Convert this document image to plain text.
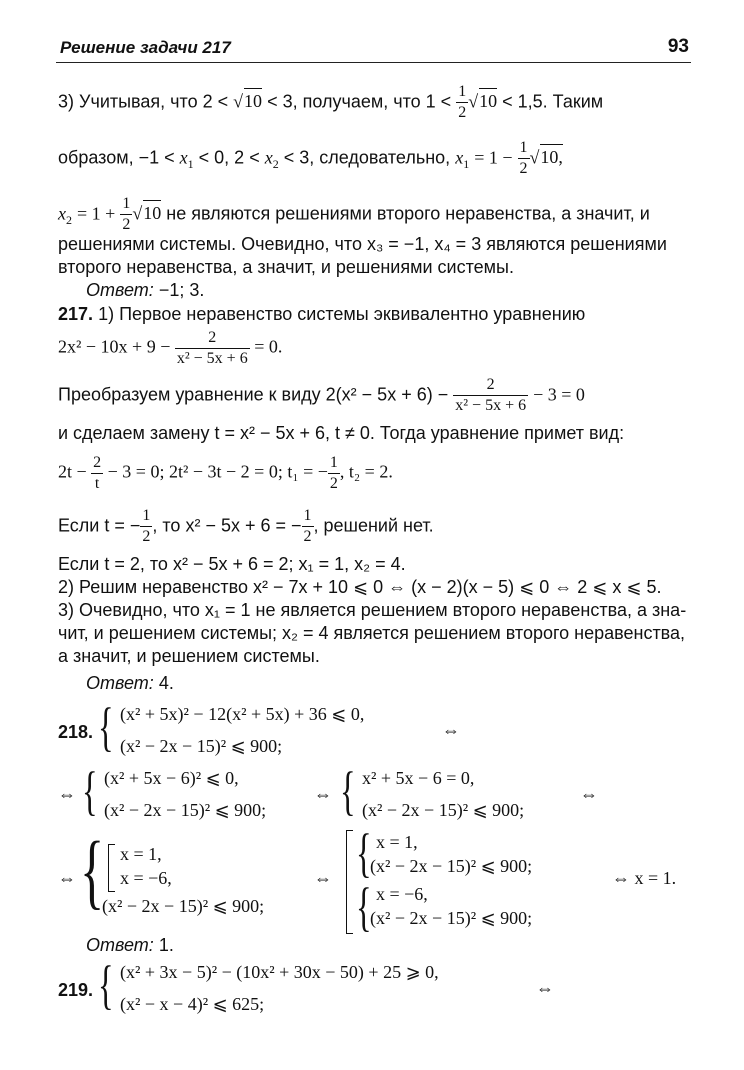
Решение задачи 217	93
3) Учитывая, что 2 < √10 < 3, получаем, что $1 < \frac{1}{2} √10 < 1,5$. Таким
образом, $-1 < x_1 < 0$, $2 < x_2 < 3$, следовательно, $x_1 = 1 - \frac{1}{2} √10$,
$x_2 = 1 + \frac{1}{2} √10$ не являются решениями второго неравенства, а значит, и
решениями системы. Очевидно, что x₃ = −1, x₄ = 3 являются решениями
второго неравенства, а значит, и решениями системы.
Ответ: −1; 3.
217. 1) Первое неравенство системы эквивалентно уравнению
$2x^2 - 10x + 9 - \frac{2}{\text{x² − 5x + 6}} = 0$.
Преобразуем уравнение к виду $2(x^2 - 5x + 6) - \frac{2}{\text{x² − 5x + 6}} - 3 = 0$
и сделаем замену t = x² − 5x + 6, t ≠ 0. Тогда уравнение примет вид:
$2t - \frac{2}{t} - 3 = 0$; 2t² − 3t − 2 = 0; t₁ = − $\frac{1}{2}$ , t₂ = 2.
Если t = − $\frac{1}{2}$ , то x² − 5x + 6 = − $\frac{1}{2}$ , решений нет.
Если t = 2, то x² − 5x + 6 = 2; x₁ = 1, x₂ = 4.
2) Решим неравенство x² − 7x + 10 ⩽ 0 ⇔ (x − 2)(x − 5) ⩽ 0 ⇔ 2 ⩽ x ⩽ 5.
3) Очевидно, что x₁ = 1 не является решением второго неравенства, а зна-
чит, и решением системы; x₂ = 4 является решением второго неравенства,
а значит, и решением системы.
Ответ: 4.
218. { (x² + 5x)² − 12(x² + 5x) + 36 ⩽ 0,
(x² − 2x − 15)² ⩽ 900;
⇔
⇔ { (x² + 5x − 6)² ⩽ 0,
(x² − 2x − 15)² ⩽ 900;
⇔ { x² + 5x − 6 = 0,
(x² − 2x − 15)² ⩽ 900;
⇔
⇔ { x = 1,
x = −6,
(x² − 2x − 15)² ⩽ 900;
⇔ { x = 1,
(x² − 2x − 15)² ⩽ 900;
{ x = −6,
(x² − 2x − 15)² ⩽ 900;
⇔ x = 1.
Ответ: 1.
219. { (x² + 3x − 5)² − (10x² + 30x − 50) + 25 ⩾ 0,
(x² − x − 4)² ⩽ 625;
⇔
